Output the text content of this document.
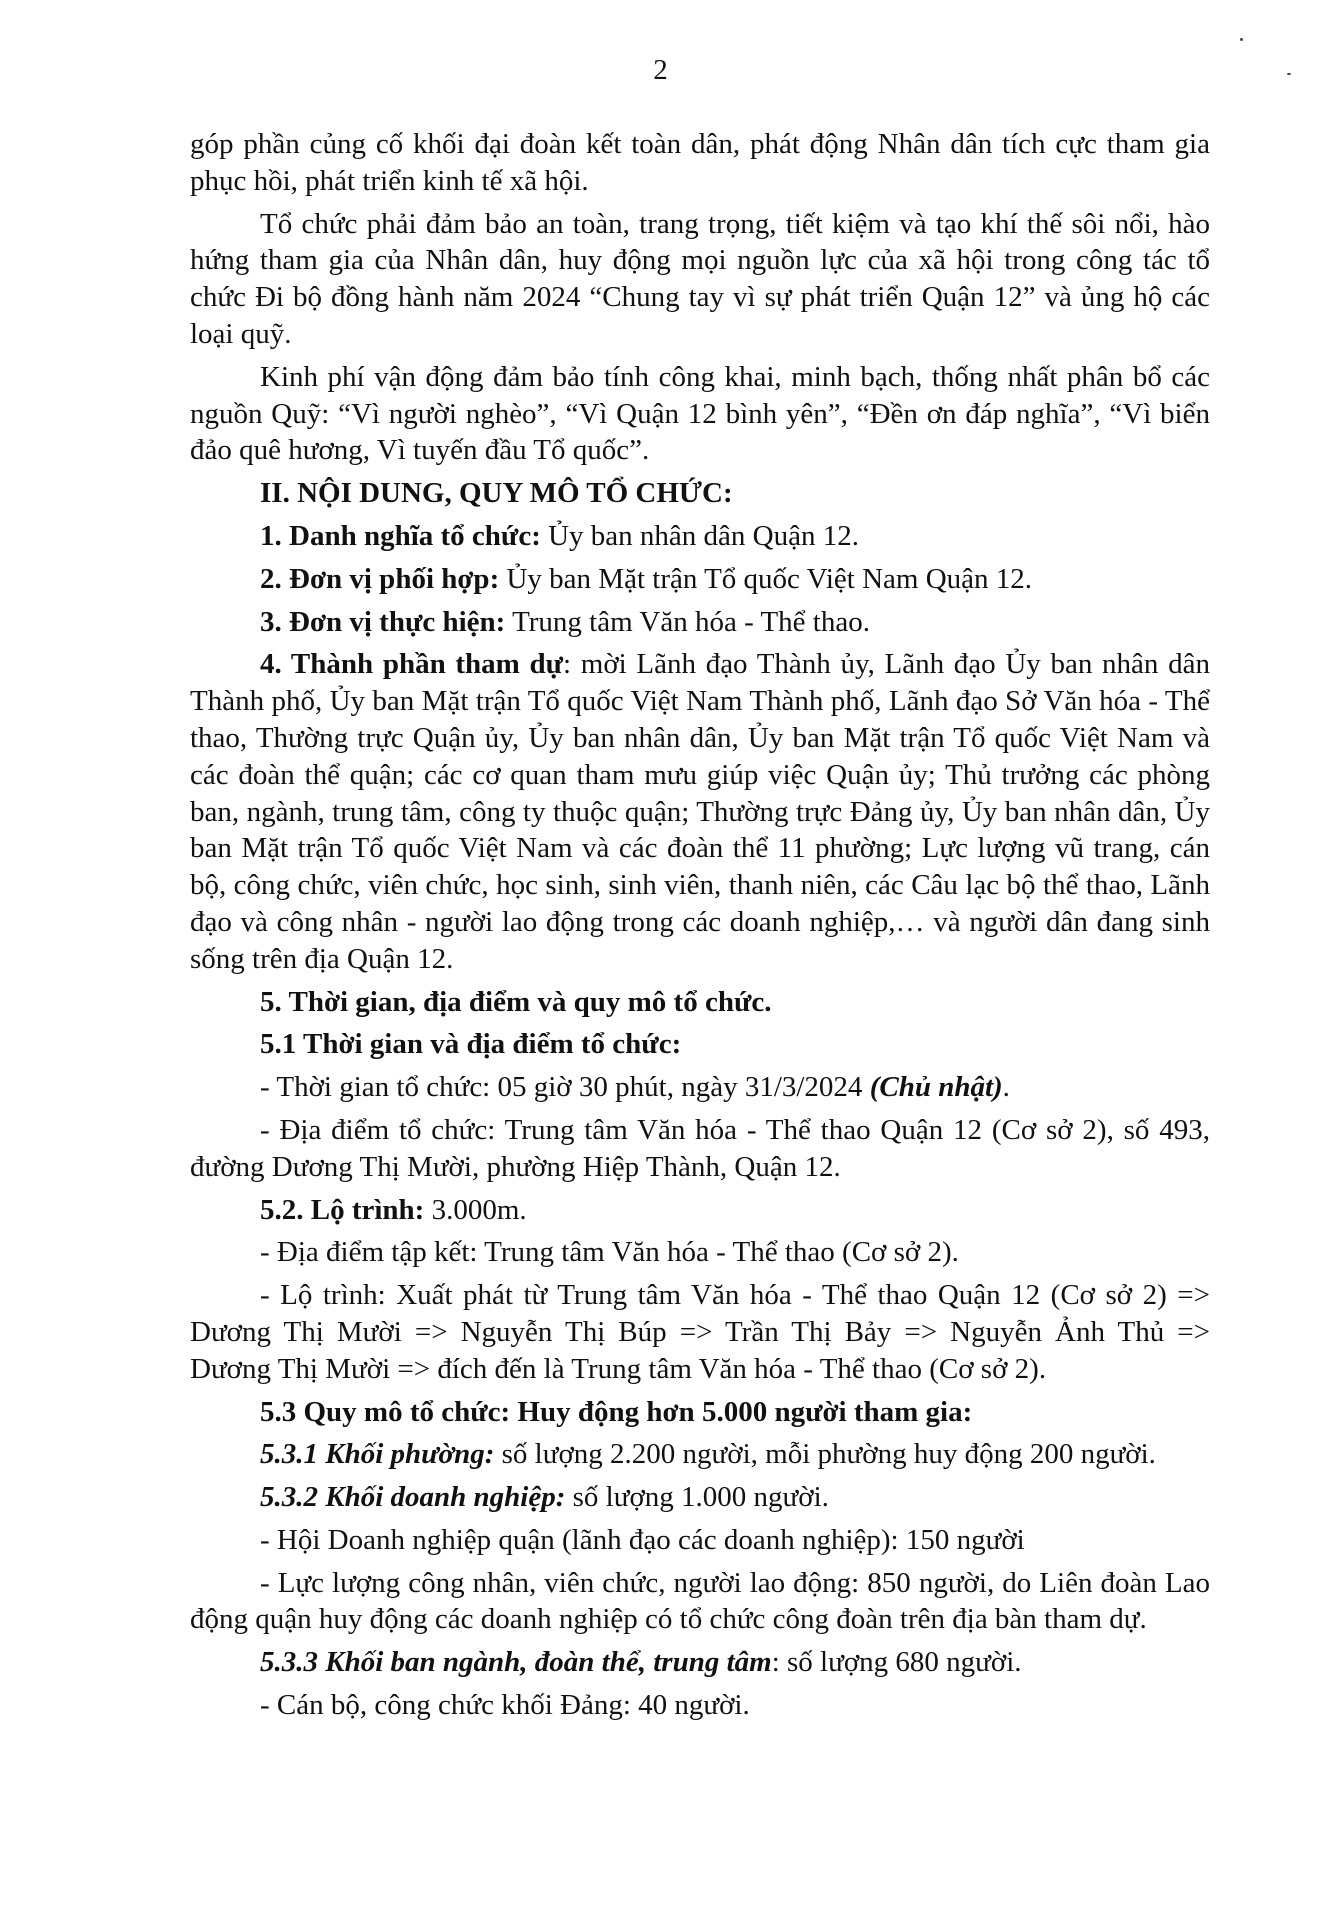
2

góp phần củng cố khối đại đoàn kết toàn dân, phát động Nhân dân tích cực tham gia phục hồi, phát triển kinh tế xã hội.

Tổ chức phải đảm bảo an toàn, trang trọng, tiết kiệm và tạo khí thế sôi nổi, hào hứng tham gia của Nhân dân, huy động mọi nguồn lực của xã hội trong công tác tổ chức Đi bộ đồng hành năm 2024 “Chung tay vì sự phát triển Quận 12” và ủng hộ các loại quỹ.

Kinh phí vận động đảm bảo tính công khai, minh bạch, thống nhất phân bổ các nguồn Quỹ: “Vì người nghèo”, “Vì Quận 12 bình yên”, “Đền ơn đáp nghĩa”, “Vì biển đảo quê hương, Vì tuyến đầu Tổ quốc”.

II. NỘI DUNG, QUY MÔ TỔ CHỨC:

1. Danh nghĩa tổ chức: Ủy ban nhân dân Quận 12.

2. Đơn vị phối hợp: Ủy ban Mặt trận Tổ quốc Việt Nam Quận 12.

3. Đơn vị thực hiện: Trung tâm Văn hóa - Thể thao.

4. Thành phần tham dự: mời Lãnh đạo Thành ủy, Lãnh đạo Ủy ban nhân dân Thành phố, Ủy ban Mặt trận Tổ quốc Việt Nam Thành phố, Lãnh đạo Sở Văn hóa - Thể thao, Thường trực Quận ủy, Ủy ban nhân dân, Ủy ban Mặt trận Tổ quốc Việt Nam và các đoàn thể quận; các cơ quan tham mưu giúp việc Quận ủy; Thủ trưởng các phòng ban, ngành, trung tâm, công ty thuộc quận; Thường trực Đảng ủy, Ủy ban nhân dân, Ủy ban Mặt trận Tổ quốc Việt Nam và các đoàn thể 11 phường; Lực lượng vũ trang, cán bộ, công chức, viên chức, học sinh, sinh viên, thanh niên, các Câu lạc bộ thể thao, Lãnh đạo và công nhân - người lao động trong các doanh nghiệp,… và người dân đang sinh sống trên địa Quận 12.

5. Thời gian, địa điểm và quy mô tổ chức.

5.1 Thời gian và địa điểm tổ chức:

- Thời gian tổ chức: 05 giờ 30 phút, ngày 31/3/2024 (Chủ nhật).

- Địa điểm tổ chức: Trung tâm Văn hóa - Thể thao Quận 12 (Cơ sở 2), số 493, đường Dương Thị Mười, phường Hiệp Thành, Quận 12.

5.2. Lộ trình: 3.000m.

- Địa điểm tập kết: Trung tâm Văn hóa - Thể thao (Cơ sở 2).

- Lộ trình: Xuất phát từ Trung tâm Văn hóa - Thể thao Quận 12 (Cơ sở 2) => Dương Thị Mười => Nguyễn Thị Búp => Trần Thị Bảy => Nguyễn Ảnh Thủ => Dương Thị Mười => đích đến là Trung tâm Văn hóa - Thể thao (Cơ sở 2).

5.3 Quy mô tổ chức: Huy động hơn 5.000 người tham gia:

5.3.1 Khối phường: số lượng 2.200 người, mỗi phường huy động 200 người.

5.3.2 Khối doanh nghiệp: số lượng 1.000 người.

- Hội Doanh nghiệp quận (lãnh đạo các doanh nghiệp): 150 người

- Lực lượng công nhân, viên chức, người lao động: 850 người, do Liên đoàn Lao động quận huy động các doanh nghiệp có tổ chức công đoàn trên địa bàn tham dự.

5.3.3 Khối ban ngành, đoàn thể, trung tâm: số lượng 680 người.

- Cán bộ, công chức khối Đảng: 40 người.
